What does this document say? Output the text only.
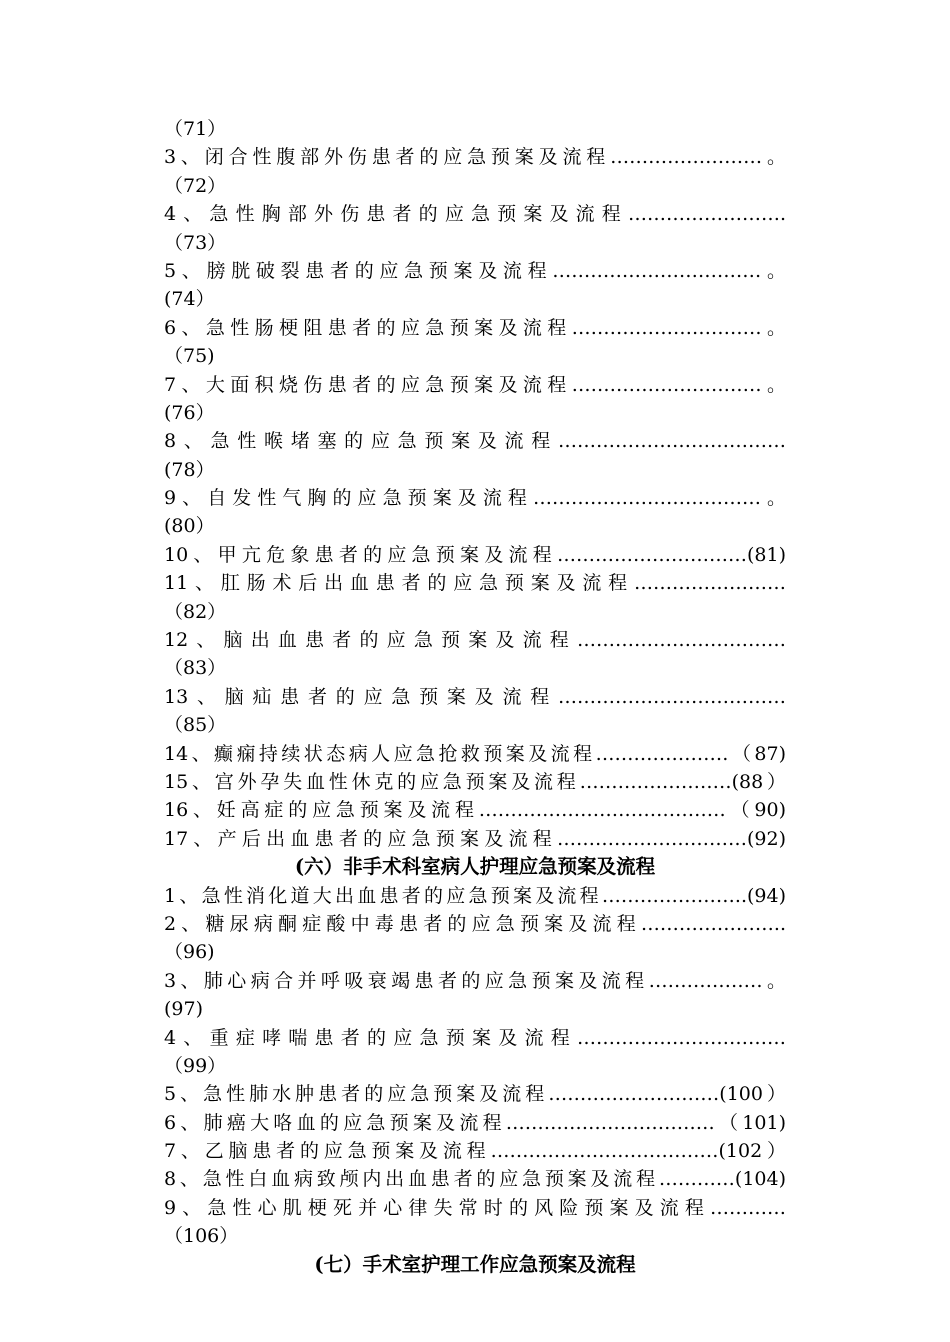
（71）
3、闭合性腹部外伤患者的应急预案及流程……………………。
（72）
4、急性胸部外伤患者的应急预案及流程…………………….
（73）
5、膀胱破裂患者的应急预案及流程……………………………。
(74）
6、急性肠梗阻患者的应急预案及流程…………………………。
（75)
7、大面积烧伤患者的应急预案及流程…………………………。
(76）
8、急性喉堵塞的应急预案及流程………………………………
(78）
9、自发性气胸的应急预案及流程………………………………。
(80）
10、甲亢危象患者的应急预案及流程…………………………(81)
11、肛肠术后出血患者的应急预案及流程……………………
（82）
12、脑出血患者的应急预案及流程……………………………
（83）
13、脑疝患者的应急预案及流程………………………………
（85）
14、癫痫持续状态病人应急抢救预案及流程…………………（87)
15、宫外孕失血性休克的应急预案及流程……………………(88）
16、妊高症的应急预案及流程…………………………………（90)
17、产后出血患者的应急预案及流程…………………………(92)
(六）非手术科室病人护理应急预案及流程
1、急性消化道大出血患者的应急预案及流程…………………..(94)
2、糖尿病酮症酸中毒患者的应急预案及流程…………………..
（96)
3、肺心病合并呼吸衰竭患者的应急预案及流程………………。
(97)
4、重症哮喘患者的应急预案及流程……………………………
（99）
5、急性肺水肿患者的应急预案及流程………………………(100）
6、肺癌大咯血的应急预案及流程……………………………（101)
7、乙脑患者的应急预案及流程………………………………(102）
8、急性白血病致颅内出血患者的应急预案及流程…………(104)
9、急性心肌梗死并心律失常时的风险预案及流程…………
（106）
(七）手术室护理工作应急预案及流程
